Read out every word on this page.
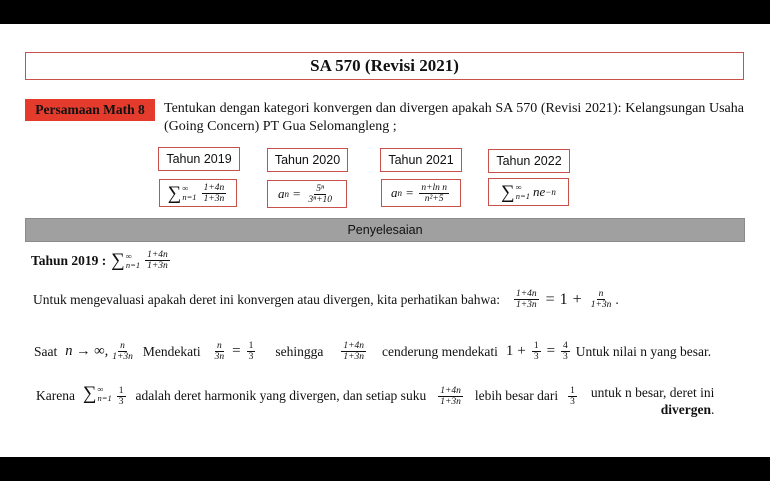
SA 570 (Revisi 2021)
Persamaan Math 8 Tentukan dengan kategori konvergen dan divergen apakah SA 570 (Revisi 2021): Kelangsungan Usaha (Going Concern) PT Gua Selomangleng ;
Tahun 2019	Tahun 2020	Tahun 2021	Tahun 2022
∑ ∞
$n=1 \frac{1+4n}{1+3n}$	a $n = \frac{\text{5ⁿ}}{\text{3ⁿ+10}}$	a $n = \frac{\text{n+ln n}}{\text{n²+5}}$	∑ ∞
n=1 ne −n
Penyelesaian
Tahun 2019 : ∑ ∞
$n=1 \frac{1+4n}{1+3n}$
Untuk mengevaluasi apakah deret ini konvergen atau divergen, kita perhatikan bahwa: $\frac{1+4n}{1+3n} = 1 + \frac{n}{1+3n}$ .
Saat n → ∞, $\frac{n}{1+3n}$ Mendekati $\frac{n}{3n} = \frac{1}{3}$ sehingga $\frac{1+4n}{1+3n}$ cenderung mendekati $1 + \frac{1}{3} = \frac{4}{3}$ Untuk nilai n yang besar.
Karena ∑ ∞
$n=1 \frac{1}{3}$ adalah deret harmonik yang divergen, dan setiap suku $\frac{1+4n}{1+3n}$ lebih besar dari $\frac{1}{3}$ untuk n besar, deret ini
divergen.
